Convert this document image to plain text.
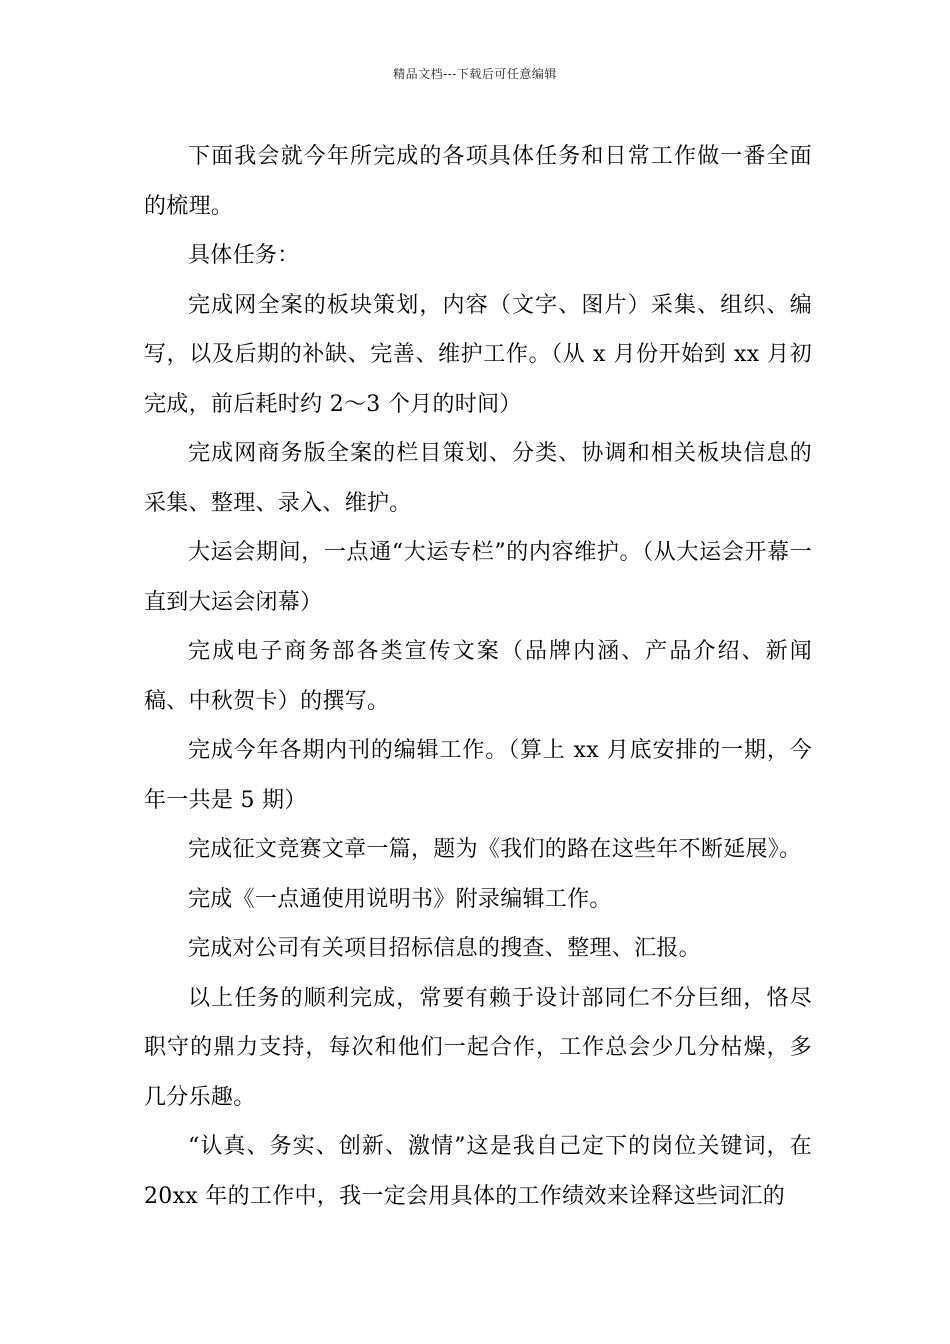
精品文档---下载后可任意编辑

下面我会就今年所完成的各项具体任务和日常工作做一番全面的梳理。

具体任务：

完成网全案的板块策划，内容（文字、图片）采集、组织、编写，以及后期的补缺、完善、维护工作。（从 x 月份开始到 xx 月初完成，前后耗时约 2～3 个月的时间）

完成网商务版全案的栏目策划、分类、协调和相关板块信息的采集、整理、录入、维护。

大运会期间，一点通“大运专栏”的内容维护。（从大运会开幕一直到大运会闭幕）

完成电子商务部各类宣传文案（品牌内涵、产品介绍、新闻稿、中秋贺卡）的撰写。

完成今年各期内刊的编辑工作。（算上 xx 月底安排的一期，今年一共是 5 期）

完成征文竞赛文章一篇，题为《我们的路在这些年不断延展》。

完成《一点通使用说明书》附录编辑工作。

完成对公司有关项目招标信息的搜查、整理、汇报。

以上任务的顺利完成，常要有赖于设计部同仁不分巨细，恪尽职守的鼎力支持，每次和他们一起合作，工作总会少几分枯燥，多几分乐趣。

“认真、务实、创新、激情”这是我自己定下的岗位关键词，在 20xx 年的工作中，我一定会用具体的工作绩效来诠释这些词汇的
